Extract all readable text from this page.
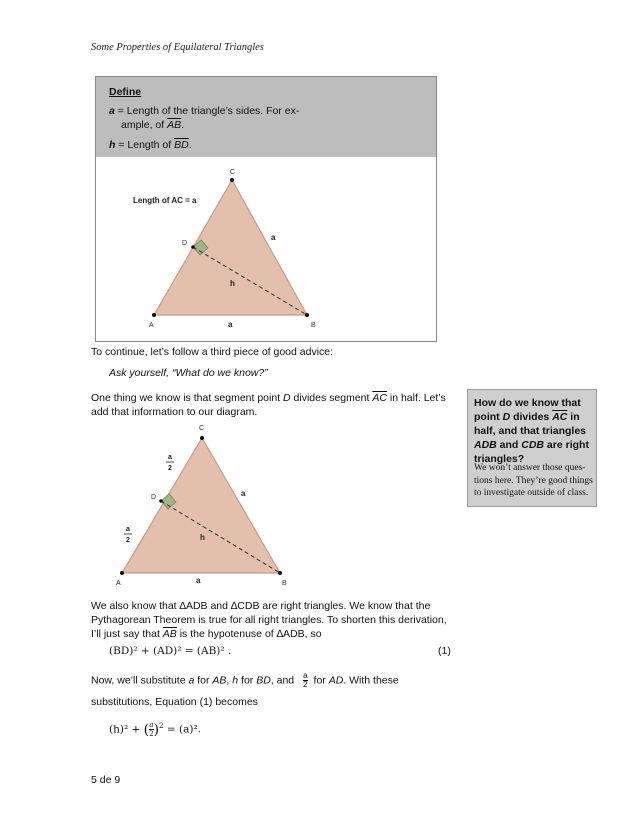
Some Properties of Equilateral Triangles
Define
a = Length of the triangle’s sides. For ex-
ample, of $\overline{AB}$.
h = Length of $\overline{BD}$.
Length of AC = a
A	B
C
D
a
a
h
To continue, let’s follow a third piece of good advice:
Ask yourself, “What do we know?”
One thing we know is that segment point D divides segment $\overline{AC}$ in half. Let’s
add that information to our diagram.
How do we know that
point D divides $\overline{AC}$ in
half, and that triangles
ADB and CDB are right
triangles?
We won’t answer those ques- tions here. They’re good things to investigate outside of class.
A	B
C
D
a
2
a
2
a
a
h
We also know that ∆ADB and ∆CDB are right triangles. We know that the
Pythagorean Theorem is true for all right triangles. To shorten this derivation,
I’ll just say that $\overline{AB}$ is the hypotenuse of ∆ADB, so
(BD)² + (AD)² = (AB)² .	(1)
Now, we’ll substitute a for AB, h for BD, and $\frac{a}{2}$ for AD. With these
substitutions, Equation (1) becomes
(h)² + ( $\frac{a}{2} )^2 = (a)^2$.
5 de 9
